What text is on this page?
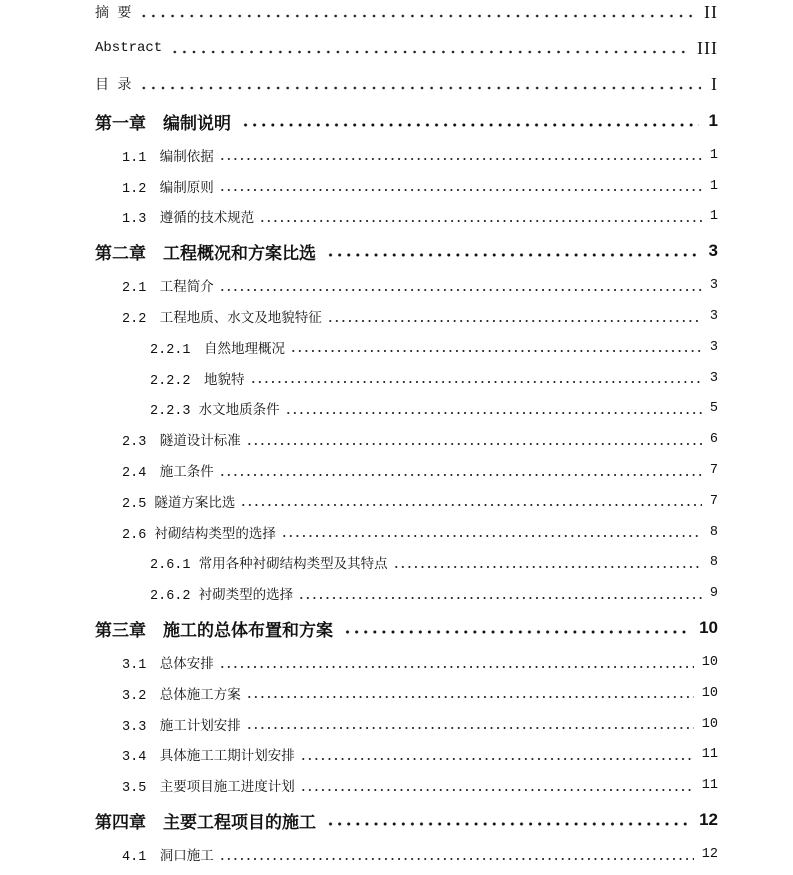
摘 要	II
Abstract	III
目 录	I
第一章　编制说明	1
1.1　编制依据	1
1.2　编制原则	1
1.3　遵循的技术规范	1
第二章　工程概况和方案比选	3
2.1　工程简介	3
2.2　工程地质、水文及地貌特征	3
2.2.1　自然地理概况	3
2.2.2　地貌特	3
2.2.3 水文地质条件	5
2.3　隧道设计标准	6
2.4　施工条件	7
2.5 隧道方案比选	7
2.6 衬砌结构类型的选择	8
2.6.1 常用各种衬砌结构类型及其特点	8
2.6.2 衬砌类型的选择	9
第三章　施工的总体布置和方案	10
3.1　总体安排	10
3.2　总体施工方案	10
3.3　施工计划安排	10
3.4　具体施工工期计划安排	11
3.5　主要项目施工进度计划	11
第四章　主要工程项目的施工	12
4.1　洞口施工	12
